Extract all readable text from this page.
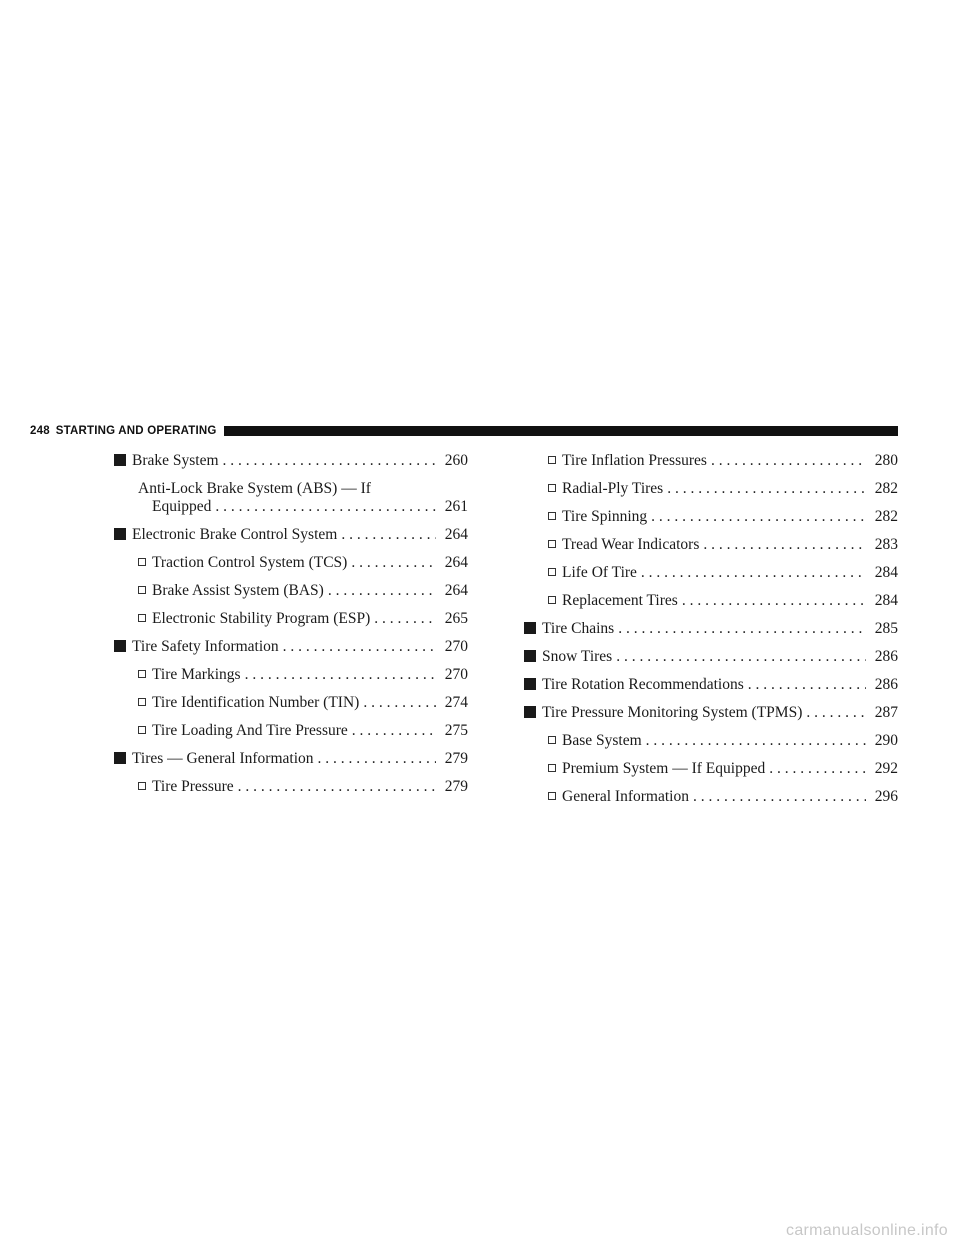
248 STARTING AND OPERATING
Brake System . . .	260
Anti-Lock Brake System (ABS) — If
Equipped . . .	261
Electronic Brake Control System . . .	264
Traction Control System (TCS) . . .	264
Brake Assist System (BAS) . . .	264
Electronic Stability Program (ESP) . . .	265
Tire Safety Information . . .	270
Tire Markings . . .	270
Tire Identification Number (TIN) . . .	274
Tire Loading And Tire Pressure . . .	275
Tires — General Information . . .	279
Tire Pressure . . .	279
Tire Inflation Pressures . . .	280
Radial-Ply Tires . . .	282
Tire Spinning . . .	282
Tread Wear Indicators . . .	283
Life Of Tire . . .	284
Replacement Tires . . .	284
Tire Chains . . .	285
Snow Tires . . .	286
Tire Rotation Recommendations . . .	286
Tire Pressure Monitoring System (TPMS) . . .	287
Base System . . .	290
Premium System — If Equipped . . .	292
General Information . . .	296
carmanualsonline.info
